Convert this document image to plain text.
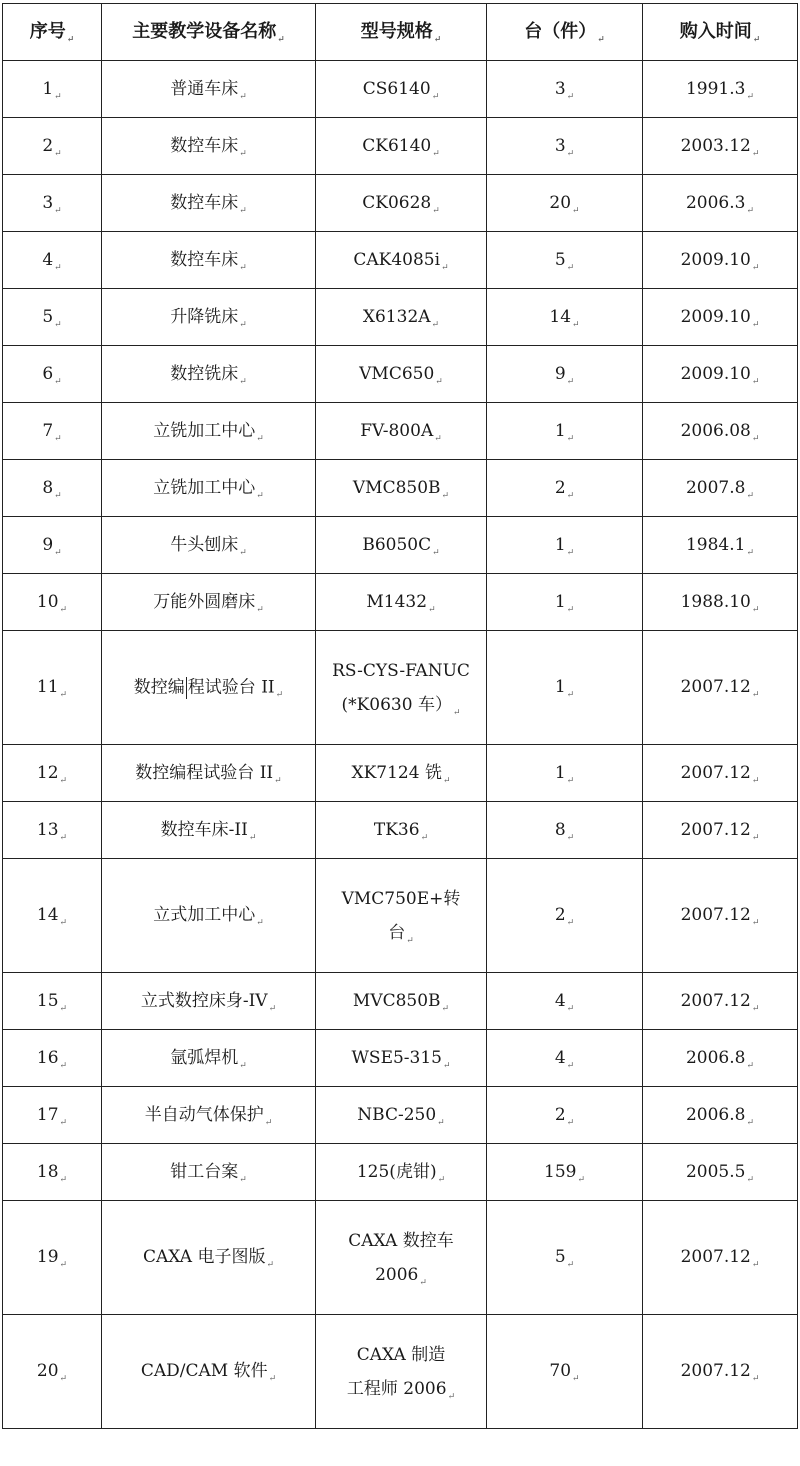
序号$_↵$	主要教学设备名称$_↵$	型号规格$_↵$	台（件）$_↵$	购入时间$_↵$
$1_↵$	普通车床$_↵$	$CS6140_↵$	$3_↵$	$1991.3_↵$
$2_↵$	数控车床$_↵$	$CK6140_↵$	$3_↵$	$2003.12_↵$
$3_↵$	数控车床$_↵$	$CK0628_↵$	$20_↵$	$2006.3_↵$
$4_↵$	数控车床$_↵$	$CAK4085i_↵$	$5_↵$	$2009.10_↵$
$5_↵$	升降铣床$_↵$	$X6132A_↵$	$14_↵$	$2009.10_↵$
$6_↵$	数控铣床$_↵$	$VMC650_↵$	$9_↵$	$2009.10_↵$
$7_↵$	立铣加工中心$_↵$	$FV-800A_↵$	$1_↵$	$2006.08_↵$
$8_↵$	立铣加工中心$_↵$	$VMC850B_↵$	$2_↵$	$2007.8_↵$
$9_↵$	牛头刨床$_↵$	$B6050C_↵$	$1_↵$	$1984.1_↵$
$10_↵$	万能外圆磨床$_↵$	$M1432_↵$	$1_↵$	$1988.10_↵$
$11_↵$	数控编 程试验台 $II_↵$	RS-CYS-FANUC
(*K0630 车）$_↵$	$1_↵$	$2007.12_↵$
$12_↵$	数控编程试验台 $II_↵$	XK7124 铣$_↵$	$1_↵$	$2007.12_↵$
$13_↵$	数控车床$-II_↵$	$TK36_↵$	$8_↵$	$2007.12_↵$
$14_↵$	立式加工中心$_↵$	VMC750E+转
台$_↵$	$2_↵$	$2007.12_↵$
$15_↵$	立式数控床身$-IV_↵$	$MVC850B_↵$	$4_↵$	$2007.12_↵$
$16_↵$	氩弧焊机$_↵$	$WSE5-315_↵$	$4_↵$	$2006.8_↵$
$17_↵$	半自动气体保护$_↵$	NBC-$250_↵$	$2_↵$	$2006.8_↵$
$18_↵$	钳工台案$_↵$	125(虎钳)$_↵$	$159_↵$	$2005.5_↵$
$19_↵$	CAXA 电子图版$_↵$	CAXA 数控车
$2006_↵$	$5_↵$	$2007.12_↵$
$20_↵$	CAD/CAM 软件$_↵$	CAXA 制造
工程师 $2006_↵$	$70_↵$	$2007.12_↵$
